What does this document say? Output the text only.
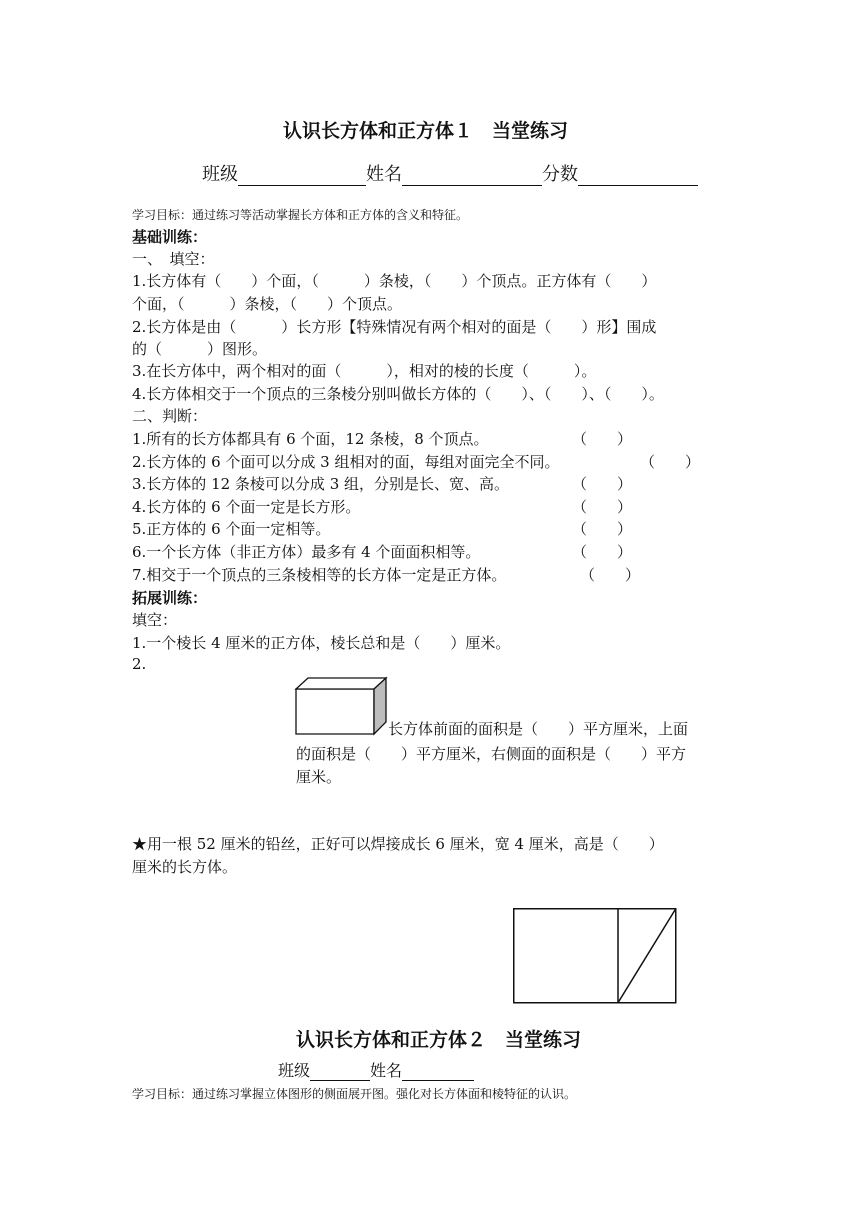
认识长方体和正方体１　当堂练习
班级	姓名	分数
学习目标：通过练习等活动掌握长方体和正方体的含义和特征。
基础训练：
一、　填空：
1.长方体有（　　）个面，（　　　）条棱，（　　）个顶点。正方体有（　　）
个面，（　　　）条棱，（　　）个顶点。
2.长方体是由（　　　）长方形【特殊情况有两个相对的面是（　　）形】围成
的（　　　）图形。
3.在长方体中，两个相对的面（　　　），相对的棱的长度（　　　）。
4.长方体相交于一个顶点的三条棱分别叫做长方体的（　　）、（　　）、（　　）。
二、判断：
1.所有的长方体都具有 6 个面，12 条棱，8 个顶点。	（　　）
2.长方体的 6 个面可以分成 3 组相对的面，每组对面完全不同。	（　　）
3.长方体的 12 条棱可以分成 3 组，分别是长、宽、高。	（　　）
4.长方体的 6 个面一定是长方形。	（　　）
5.正方体的 6 个面一定相等。	（　　）
6.一个长方体（非正方体）最多有 4 个面面积相等。	（　　）
7.相交于一个顶点的三条棱相等的长方体一定是正方体。	（　　）
拓展训练：
填空：
1.一个棱长 4 厘米的正方体，棱长总和是（　　）厘米。
2.
长方体前面的面积是（　　）平方厘米，上面
的面积是（　　）平方厘米，右侧面的面积是（　　）平方
厘米。
★用一根 52 厘米的铅丝，正好可以焊接成长 6 厘米，宽 4 厘米，高是（　　）
厘米的长方体。
认识长方体和正方体２　当堂练习
班级	姓名
学习目标：通过练习掌握立体图形的侧面展开图。强化对长方体面和棱特征的认识。
